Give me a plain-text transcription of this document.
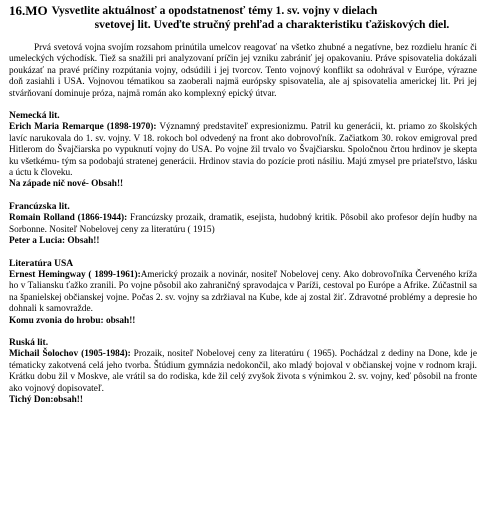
16.MO Vysvetlite aktuálnosť a opodstatnenosť témy 1. sv. vojny v dielach
svetovej lit. Uveďte stručný prehľad a charakteristiku ťažiskových diel.

Prvá svetová vojna svojím rozsahom prinútila umelcov reagovať na všetko zhubné a negatívne, bez rozdielu hraníc či umeleckých východísk. Tiež sa snažili pri analyzovaní príčin jej vzniku zabrániť jej opakovaniu. Práve spisovatelia dokázali poukázať na pravé príčiny rozpútania vojny, odsúdili i jej tvorcov. Tento vojnový konflikt sa odohrával v Európe, výrazne doň zasiahli i USA. Vojnovou tématikou sa zaoberali najmä európsky spisovatelia, ale aj spisovatelia americkej lit. Pri jej stvárňovaní dominuje próza, najmä román ako komplexný epický útvar.

Nemecká lit.

Erich Maria Remarque (1898-1970): Významný predstaviteľ expresionizmu. Patril ku generácii, kt. priamo zo školských lavíc narukovala do 1. sv. vojny. V 18. rokoch bol odvedený na front ako dobrovoľník. Začiatkom 30. rokov emigroval pred Hitlerom do Švajčiarska po vypuknutí vojny do USA. Po vojne žil trvalo vo Švajčiarsku. Spoločnou črtou hrdinov je skepta ku všetkému- tým sa podobajú stratenej generácii. Hrdinov stavia do pozície proti násiliu. Majú zmysel pre priateľstvo, lásku a úctu k človeku.

Na západe nič nové- Obsah!!
Francúzska lit.

Romain Rolland (1866-1944): Francúzsky prozaik, dramatik, esejista, hudobný kritik. Pôsobil ako profesor dejín hudby na Sorbonne. Nositeľ Nobelovej ceny za literatúru ( 1915)

Peter a Lucia: Obsah!!
Literatúra USA

Ernest Hemingway ( 1899-1961):Americký prozaik a novinár, nositeľ Nobelovej ceny. Ako dobrovoľníka Červeného kríža ho v Taliansku ťažko zranili. Po vojne pôsobil ako zahraničný spravodajca v Paríži, cestoval po Európe a Afrike. Zúčastnil sa na španielskej občianskej vojne. Počas 2. sv. vojny sa zdržiaval na Kube, kde aj zostal žiť. Zdravotné problémy a depresie ho dohnali k samovražde.

Komu zvonia do hrobu: obsah!!
Ruská lit.

Michail Šolochov (1905-1984): Prozaik, nositeľ Nobelovej ceny za literatúru ( 1965). Pochádzal z dediny na Done, kde je tématicky zakotvená celá jeho tvorba. Štúdium gymnázia nedokončil, ako mladý bojoval v občianskej vojne v rodnom kraji. Krátku dobu žil v Moskve, ale vrátil sa do rodiska, kde žil celý zvyšok života s výnimkou 2. sv. vojny, keď pôsobil na fronte ako vojnový dopisovateľ.

Tichý Don:obsah!!
